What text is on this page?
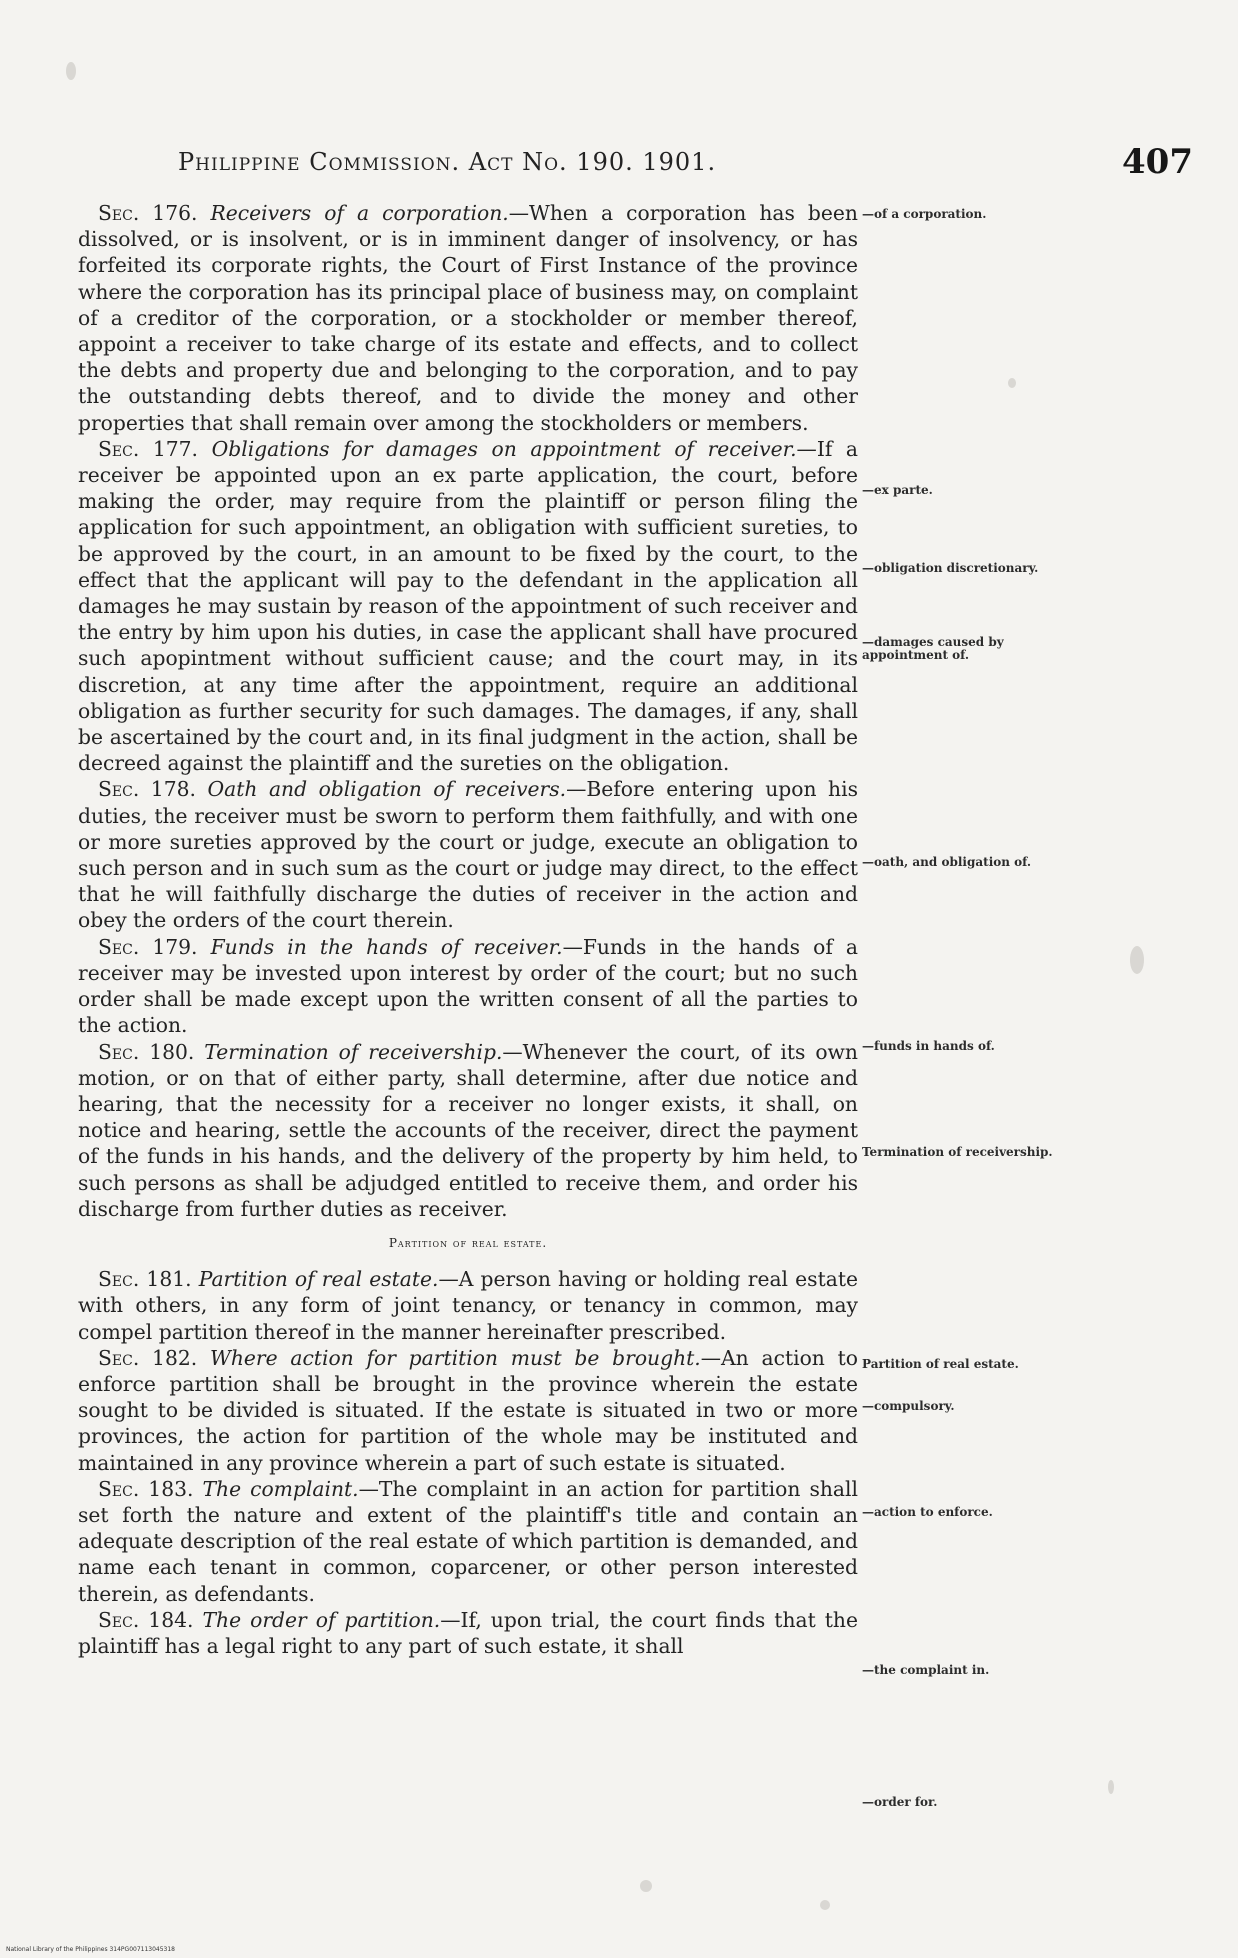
Philippine Commission. Act No. 190. 1901.	407

Sec. 176. Receivers of a corporation.—When a corporation has been dissolved, or is insolvent, or is in imminent danger of insolvency, or has forfeited its corporate rights, the Court of First Instance of the province where the corporation has its principal place of business may, on complaint of a creditor of the corporation, or a stockholder or member thereof, appoint a receiver to take charge of its estate and effects, and to collect the debts and property due and belonging to the corporation, and to pay the outstanding debts thereof, and to divide the money and other properties that shall remain over among the stockholders or members.

Sec. 177. Obligations for damages on appointment of receiver.—If a receiver be appointed upon an ex parte application, the court, before making the order, may require from the plaintiff or person filing the application for such appointment, an obligation with sufficient sureties, to be approved by the court, in an amount to be fixed by the court, to the effect that the applicant will pay to the defendant in the application all damages he may sustain by reason of the appointment of such receiver and the entry by him upon his duties, in case the applicant shall have procured such apopintment without sufficient cause; and the court may, in its discretion, at any time after the appointment, require an additional obligation as further security for such damages. The damages, if any, shall be ascertained by the court and, in its final judgment in the action, shall be decreed against the plaintiff and the sureties on the obligation.

Sec. 178. Oath and obligation of receivers.—Before entering upon his duties, the receiver must be sworn to perform them faithfully, and with one or more sureties approved by the court or judge, execute an obligation to such person and in such sum as the court or judge may direct, to the effect that he will faithfully discharge the duties of receiver in the action and obey the orders of the court therein.

Sec. 179. Funds in the hands of receiver.—Funds in the hands of a receiver may be invested upon interest by order of the court; but no such order shall be made except upon the written consent of all the parties to the action.

Sec. 180. Termination of receivership.—Whenever the court, of its own motion, or on that of either party, shall determine, after due notice and hearing, that the necessity for a receiver no longer exists, it shall, on notice and hearing, settle the accounts of the receiver, direct the payment of the funds in his hands, and the delivery of the property by him held, to such persons as shall be adjudged entitled to receive them, and order his discharge from further duties as receiver.

Partition of real estate.

Sec. 181. Partition of real estate.—A person having or holding real estate with others, in any form of joint tenancy, or tenancy in common, may compel partition thereof in the manner hereinafter prescribed.

Sec. 182. Where action for partition must be brought.—An action to enforce partition shall be brought in the province wherein the estate sought to be divided is situated. If the estate is situated in two or more provinces, the action for partition of the whole may be instituted and maintained in any province wherein a part of such estate is situated.

Sec. 183. The complaint.—The complaint in an action for partition shall set forth the nature and extent of the plaintiff's title and contain an adequate description of the real estate of which partition is demanded, and name each tenant in common, coparcener, or other person interested therein, as defendants.

Sec. 184. The order of partition.—If, upon trial, the court finds that the plaintiff has a legal right to any part of such estate, it shall

—of a corporation.
—ex parte.
—obligation discretionary.
—damages caused by appointment of.
—oath, and obligation of.
—funds in hands of.
Termination of receivership.
Partition of real estate.
—compulsory.
—action to enforce.
—the complaint in.
—order for.
National Library of the Philippines 314PG007113045318
